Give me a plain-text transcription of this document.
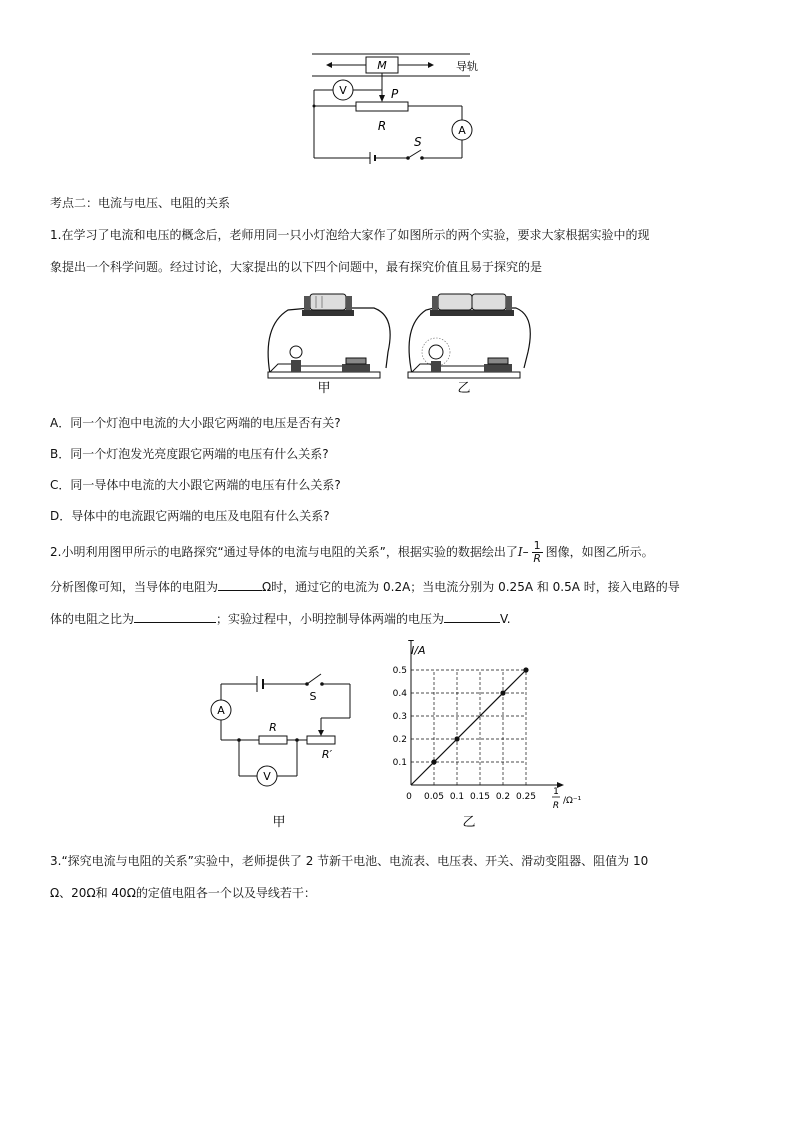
M	导轨
P
R
V
A
S
考点二：电流与电压、电阻的关系
1.在学习了电流和电压的概念后，老师用同一只小灯泡给大家作了如图所示的两个实验，要求大家根据实验中的现
象提出一个科学问题。经过讨论，大家提出的以下四个问题中，最有探究价值且易于探究的是
甲	乙
A．同一个灯泡中电流的大小跟它两端的电压是否有关?
B．同一个灯泡发光亮度跟它两端的电压有什么关系?
C．同一导体中电流的大小跟它两端的电压有什么关系?
D．导体中的电流跟它两端的电压及电阻有什么关系?
2.小明利用图甲所示的电路探究“通过导体的电流与电阻的关系”，根据实验的数据绘出了$I- \frac{1}{R}$ 图像，如图乙所示。
分析图像可知，当导体的电阻为	Ω时，通过它的电流为 0.2A；当电流分别为 0.25A 和 0.5A 时，接入电路的导
体的电阻之比为	；实验过程中，小明控制导体两端的电压为	V.
S
A
R
R′
V
甲
0.05 0.1 0.15 0.2 0.25
0.1
0.2
0.3
0.4
0.5
I/A
0	1
R /Ω⁻¹
乙
3.“探究电流与电阻的关系”实验中，老师提供了 2 节新干电池、电流表、电压表、开关、滑动变阻器、阻值为 10
Ω、20Ω和 40Ω的定值电阻各一个以及导线若干：
